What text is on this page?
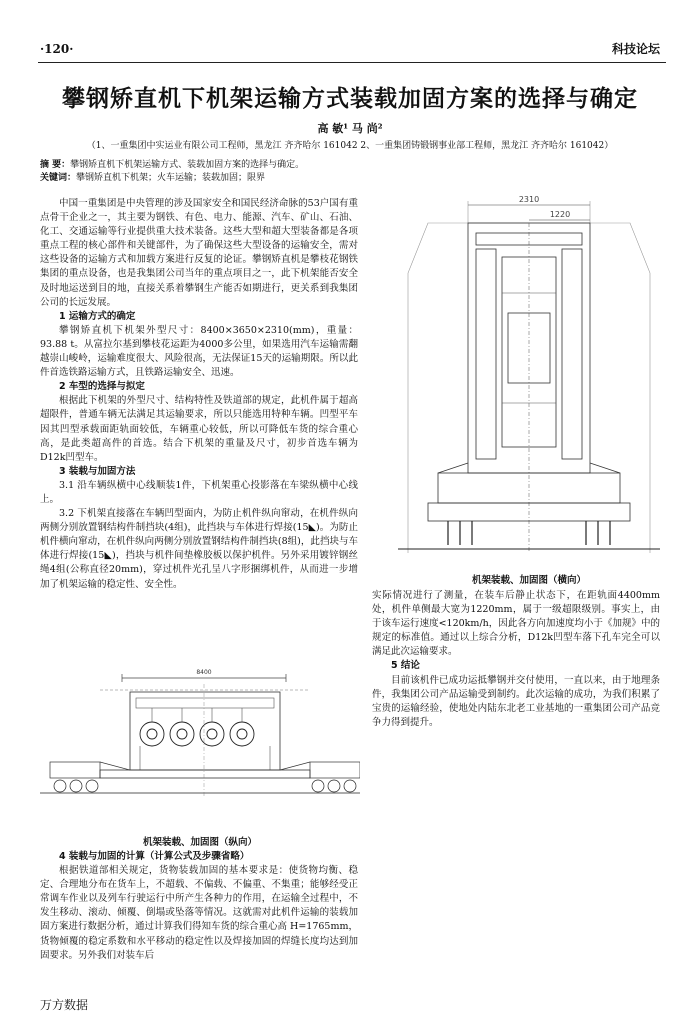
·120·	科技论坛
攀钢矫直机下机架运输方式装载加固方案的选择与确定
高 敏¹ 马 尚²
（1、一重集团中实运业有限公司工程师，黑龙江 齐齐哈尔 161042 2、一重集团铸锻钢事业部工程师，黑龙江 齐齐哈尔 161042）
摘 要：攀钢矫直机下机架运输方式、装载加固方案的选择与确定。
关键词：攀钢矫直机下机架；火车运输；装载加固；限界

中国一重集团是中央管理的涉及国家安全和国民经济命脉的53户国有重点骨干企业之一，其主要为钢铁、有色、电力、能源、汽车、矿山、石油、化工、交通运输等行业提供重大技术装备。这些大型和超大型装备都是各项重点工程的核心部件和关键部件，为了确保这些大型设备的运输安全，需对这些设备的运输方式和加载方案进行反复的论证。攀钢矫直机是攀枝花钢铁集团的重点设备，也是我集团公司当年的重点项目之一，此下机架能否安全及时地运送到目的地，直接关系着攀钢生产能否如期进行，更关系到我集团公司的长远发展。

1 运输方式的确定

攀钢矫直机下机架外型尺寸：8400×3650×2310(mm)，重量：93.88 t。从富拉尔基到攀枝花运距为4000多公里，如果选用汽车运输需翻越崇山峻岭，运输难度很大、风险很高，无法保证15天的运输期限。所以此件首选铁路运输方式，且铁路运输安全、迅速。

2 车型的选择与拟定

根据此下机架的外型尺寸、结构特性及铁道部的规定，此机件属于超高超限件，普通车辆无法满足其运输要求，所以只能选用特种车辆。凹型平车因其凹型承载面距轨面较低，车辆重心较低，所以可降低车货的综合重心高，是此类超高件的首选。结合下机架的重量及尺寸，初步首选车辆为D12k凹型车。

3 装载与加固方法

3.1 沿车辆纵横中心线顺装1件，下机架重心投影落在车梁纵横中心线上。

3.2 下机架直接落在车辆凹型面内，为防止机件纵向窜动，在机件纵向两侧分别放置钢结构件制挡块(4组)，此挡块与车体进行焊接(15◣)。为防止机件横向窜动，在机件纵向两侧分别放置钢结构件制挡块(8组)，此挡块与车体进行焊接(15◣)，挡块与机件间垫橡胶板以保护机件。另外采用镀锌钢丝绳4组(公称直径20mm)，穿过机件光孔呈八字形捆绑机件，从而进一步增加了机架运输的稳定性、安全性。

8400
机架装载、加固图（纵向）
4 装载与加固的计算（计算公式及步骤省略）

根据铁道部相关规定，货物装载加固的基本要求是：使货物均衡、稳定、合理地分布在货车上，不超载、不偏载、不偏重、不集重；能够经受正常调车作业以及列车行驶运行中所产生各种力的作用，在运输全过程中，不发生移动、滚动、倾覆、倒塌或坠落等情况。这就需对此机件运输的装载加固方案进行数据分析，通过计算我们得知车货的综合重心高 H=1765mm，货物倾覆的稳定系数和水平移动的稳定性以及焊接加固的焊缝长度均达到加固要求。另外我们对装车后

2310
1220
机架装载、加固图（横向）

实际情况进行了测量，在装车后静止状态下，在距轨面4400mm处，机件单侧最大宽为1220mm，属于一级超限级别。事实上，由于该车运行速度<120km/h，因此各方向加速度均小于《加规》中的规定的标准值。通过以上综合分析，D12k凹型车落下孔车完全可以满足此次运输要求。

5 结论

目前该机件已成功运抵攀钢并交付使用，一直以来，由于地理条件，我集团公司产品运输受到制约。此次运输的成功，为我们积累了宝贵的运输经验，使地处内陆东北老工业基地的一重集团公司产品竞争力得到提升。

万方数据
